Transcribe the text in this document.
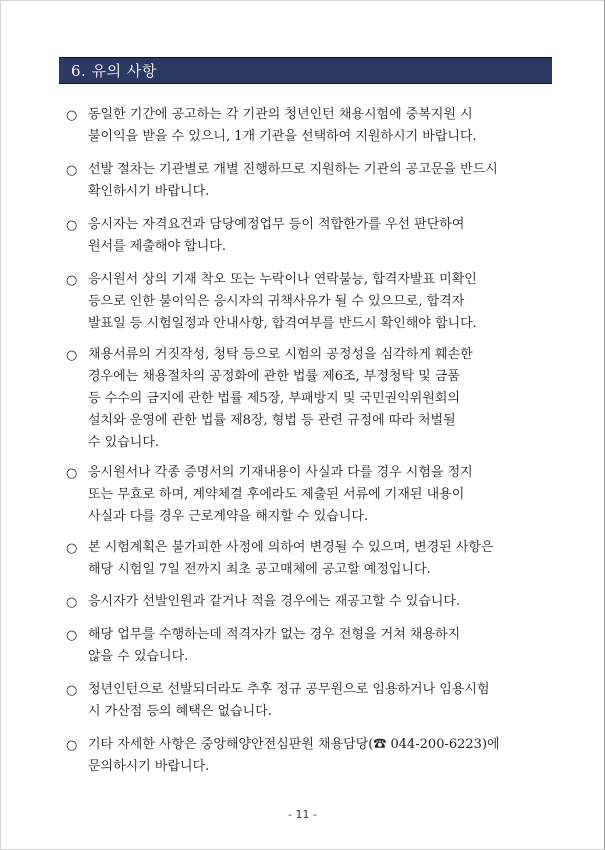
6. 유의 사항
○ 동일한 기간에 공고하는 각 기관의 청년인턴 채용시험에 중복지원 시
불이익을 받을 수 있으니, 1개 기관을 선택하여 지원하시기 바랍니다.
○ 선발 절차는 기관별로 개별 진행하므로 지원하는 기관의 공고문을 반드시
확인하시기 바랍니다.
○ 응시자는 자격요건과 담당예정업무 등이 적합한가를 우선 판단하여
원서를 제출해야 합니다.
○ 응시원서 상의 기재 착오 또는 누락이나 연락불능, 합격자발표 미확인
등으로 인한 불이익은 응시자의 귀책사유가 될 수 있으므로, 합격자
발표일 등 시험일정과 안내사항, 합격여부를 반드시 확인해야 합니다.
○ 채용서류의 거짓작성, 청탁 등으로 시험의 공정성을 심각하게 훼손한
경우에는 채용절차의 공정화에 관한 법률 제6조, 부정청탁 및 금품
등 수수의 금지에 관한 법률 제5장, 부패방지 및 국민권익위원회의
설치와 운영에 관한 법률 제8장, 형법 등 관련 규정에 따라 처벌될
수 있습니다.
○ 응시원서나 각종 증명서의 기재내용이 사실과 다를 경우 시험을 정지
또는 무효로 하며, 계약체결 후에라도 제출된 서류에 기재된 내용이
사실과 다를 경우 근로계약을 해지할 수 있습니다.
○ 본 시험계획은 불가피한 사정에 의하여 변경될 수 있으며, 변경된 사항은
해당 시험일 7일 전까지 최초 공고매체에 공고할 예정입니다.
○ 응시자가 선발인원과 같거나 적을 경우에는 재공고할 수 있습니다.
○ 해당 업무를 수행하는데 적격자가 없는 경우 전형을 거쳐 채용하지
않을 수 있습니다.
○ 청년인턴으로 선발되더라도 추후 정규 공무원으로 임용하거나 임용시험
시 가산점 등의 혜택은 없습니다.
○ 기타 자세한 사항은 중앙해양안전심판원 채용담당(☎ 044-200-6223)에
문의하시기 바랍니다.
- 11 -
